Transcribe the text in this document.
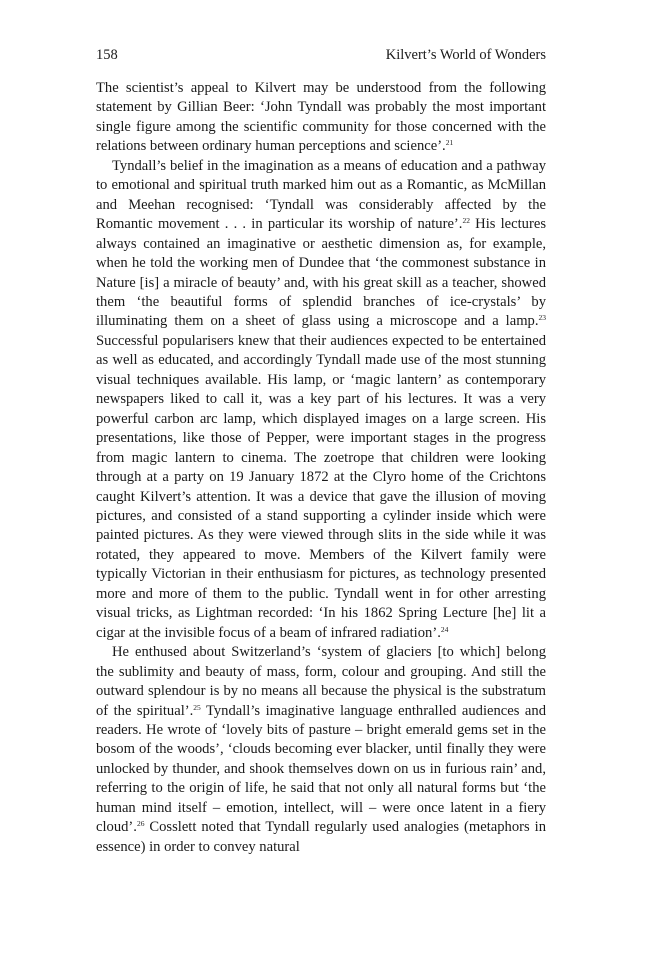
158	Kilvert’s World of Wonders

The scientist’s appeal to Kilvert may be understood from the following statement by Gillian Beer: ‘John Tyndall was probably the most important single figure among the scientific community for those concerned with the relations between ordinary human perceptions and science’.$^{21}$

Tyndall’s belief in the imagination as a means of education and a pathway to emotional and spiritual truth marked him out as a Romantic, as McMillan and Meehan recognised: ‘Tyndall was considerably affected by the Romantic movement . . . in particular its worship of nature’.$^{22}$ His lectures always contained an imaginative or aesthetic dimension as, for example, when he told the working men of Dundee that ‘the commonest substance in Nature [is] a miracle of beauty’ and, with his great skill as a teacher, showed them ‘the beautiful forms of splendid branches of ice-crystals’ by illuminating them on a sheet of glass using a microscope and a lamp.$^{23}$ Successful popularisers knew that their audiences expected to be entertained as well as educated, and accordingly Tyndall made use of the most stunning visual techniques available. His lamp, or ‘magic lantern’ as contemporary newspapers liked to call it, was a key part of his lectures. It was a very powerful carbon arc lamp, which displayed images on a large screen. His presentations, like those of Pepper, were important stages in the progress from magic lantern to cinema. The zoetrope that children were looking through at a party on 19 January 1872 at the Clyro home of the Crichtons caught Kilvert’s attention. It was a device that gave the illusion of moving pictures, and consisted of a stand supporting a cylinder inside which were painted pictures. As they were viewed through slits in the side while it was rotated, they appeared to move. Members of the Kilvert family were typically Victorian in their enthusiasm for pictures, as technology presented more and more of them to the public. Tyndall went in for other arresting visual tricks, as Lightman recorded: ‘In his 1862 Spring Lecture [he] lit a cigar at the invisible focus of a beam of infrared radiation’.$^{24}$

He enthused about Switzerland’s ‘system of glaciers [to which] belong the sublimity and beauty of mass, form, colour and grouping. And still the outward splendour is by no means all because the physical is the substratum of the spiritual’.$^{25}$ Tyndall’s imaginative language enthralled audiences and readers. He wrote of ‘lovely bits of pasture – bright emerald gems set in the bosom of the woods’, ‘clouds becoming ever blacker, until finally they were unlocked by thunder, and shook themselves down on us in furious rain’ and, referring to the origin of life, he said that not only all natural forms but ‘the human mind itself – emotion, intellect, will – were once latent in a fiery cloud’.$^{26}$ Cosslett noted that Tyndall regularly used analogies (metaphors in essence) in order to convey natural
